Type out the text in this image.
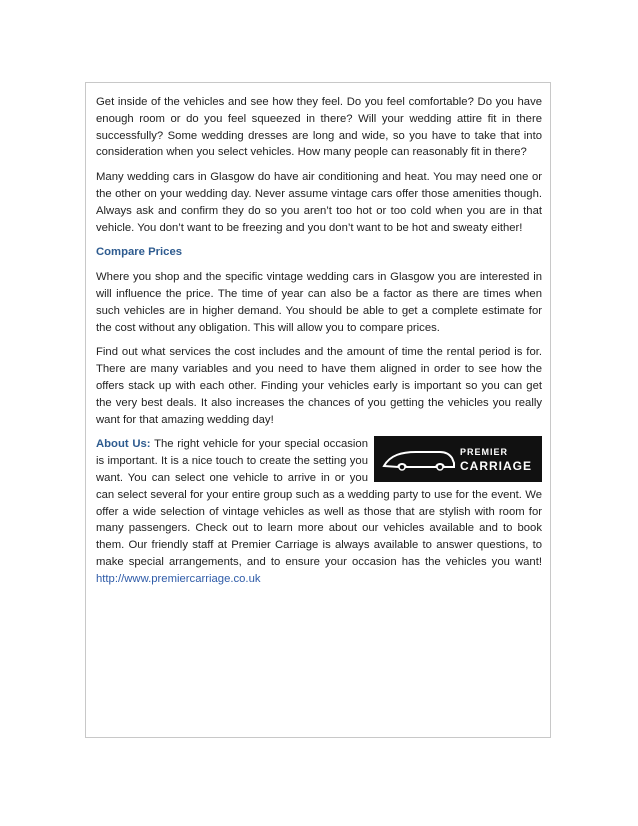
Get inside of the vehicles and see how they feel. Do you feel comfortable? Do you have enough room or do you feel squeezed in there? Will your wedding attire fit in there successfully? Some wedding dresses are long and wide, so you have to take that into consideration when you select vehicles. How many people can reasonably fit in there?

Many wedding cars in Glasgow do have air conditioning and heat. You may need one or the other on your wedding day. Never assume vintage cars offer those amenities though. Always ask and confirm they do so you aren’t too hot or too cold when you are in that vehicle. You don’t want to be freezing and you don’t want to be hot and sweaty either!

Compare Prices

Where you shop and the specific vintage wedding cars in Glasgow you are interested in will influence the price. The time of year can also be a factor as there are times when such vehicles are in higher demand. You should be able to get a complete estimate for the cost without any obligation. This will allow you to compare prices.

Find out what services the cost includes and the amount of time the rental period is for. There are many variables and you need to have them aligned in order to see how the offers stack up with each other. Finding your vehicles early is important so you can get the very best deals. It also increases the chances of you getting the vehicles you really want for that amazing wedding day!

PREMIER
CARRIAGE
About Us: The right vehicle for your special occasion is important. It is a nice touch to create the setting you want. You can select one vehicle to arrive in or you can select several for your entire group such as a wedding party to use for the event. We offer a wide selection of vintage vehicles as well as those that are stylish with room for many passengers. Check out to learn more about our vehicles available and to book them. Our friendly staff at Premier Carriage is always available to answer questions, to make special arrangements, and to ensure your occasion has the vehicles you want! http://www.premiercarriage.co.uk
